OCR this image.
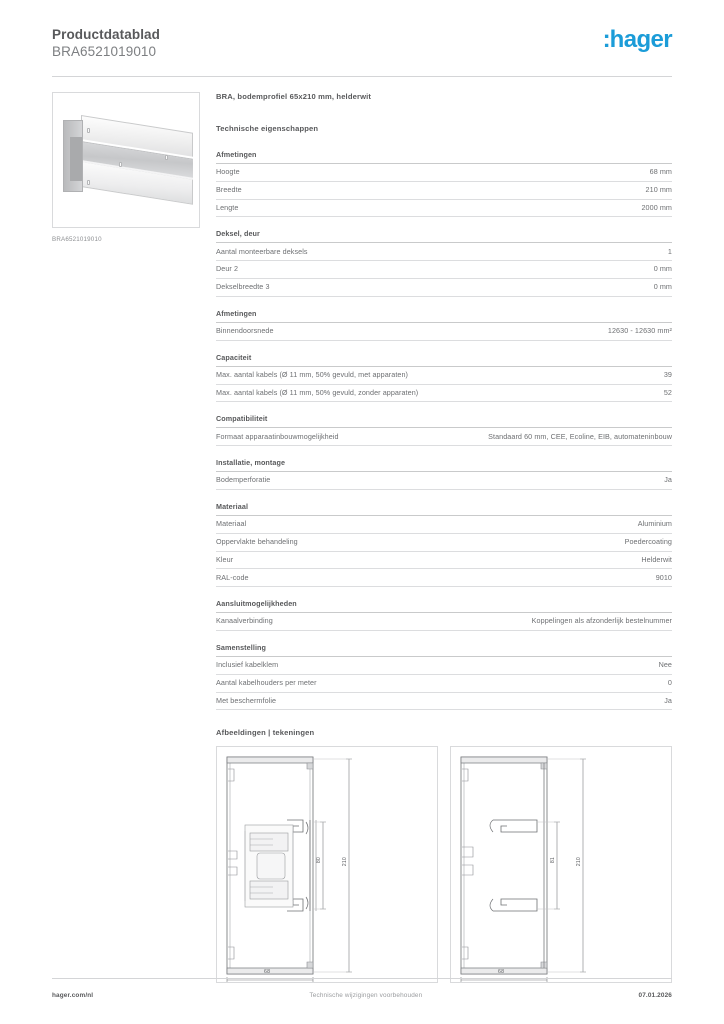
Productdatablad
BRA6521019010	:hager
BRA6521019010
BRA, bodemprofiel 65x210 mm, helderwit
Technische eigenschappen
Afmetingen
Hoogte	68 mm
Breedte	210 mm
Lengte	2000 mm
Deksel, deur
Aantal monteerbare deksels	1
Deur 2	0 mm
Dekselbreedte 3	0 mm
Afmetingen
Binnendoorsnede	12630 - 12630 mm²
Capaciteit
Max. aantal kabels (Ø 11 mm, 50% gevuld, met apparaten)	39
Max. aantal kabels (Ø 11 mm, 50% gevuld, zonder apparaten)	52
Compatibiliteit
Formaat apparaatinbouwmogelijkheid	Standaard 60 mm, CEE, Ecoline, EIB, automateninbouw
Installatie, montage
Bodemperforatie	Ja
Materiaal
Materiaal	Aluminium
Oppervlakte behandeling	Poedercoating
Kleur	Helderwit
RAL-code	9010
Aansluitmogelijkheden
Kanaalverbinding	Koppelingen als afzonderlijk bestelnummer
Samenstelling
Inclusief kabelklem	Nee
Aantal kabelhouders per meter	0
Met beschermfolie	Ja
Afbeeldingen | tekeningen
80	210
68
81	210
68
hager.com/nl	Technische wijzigingen voorbehouden	07.01.2026
